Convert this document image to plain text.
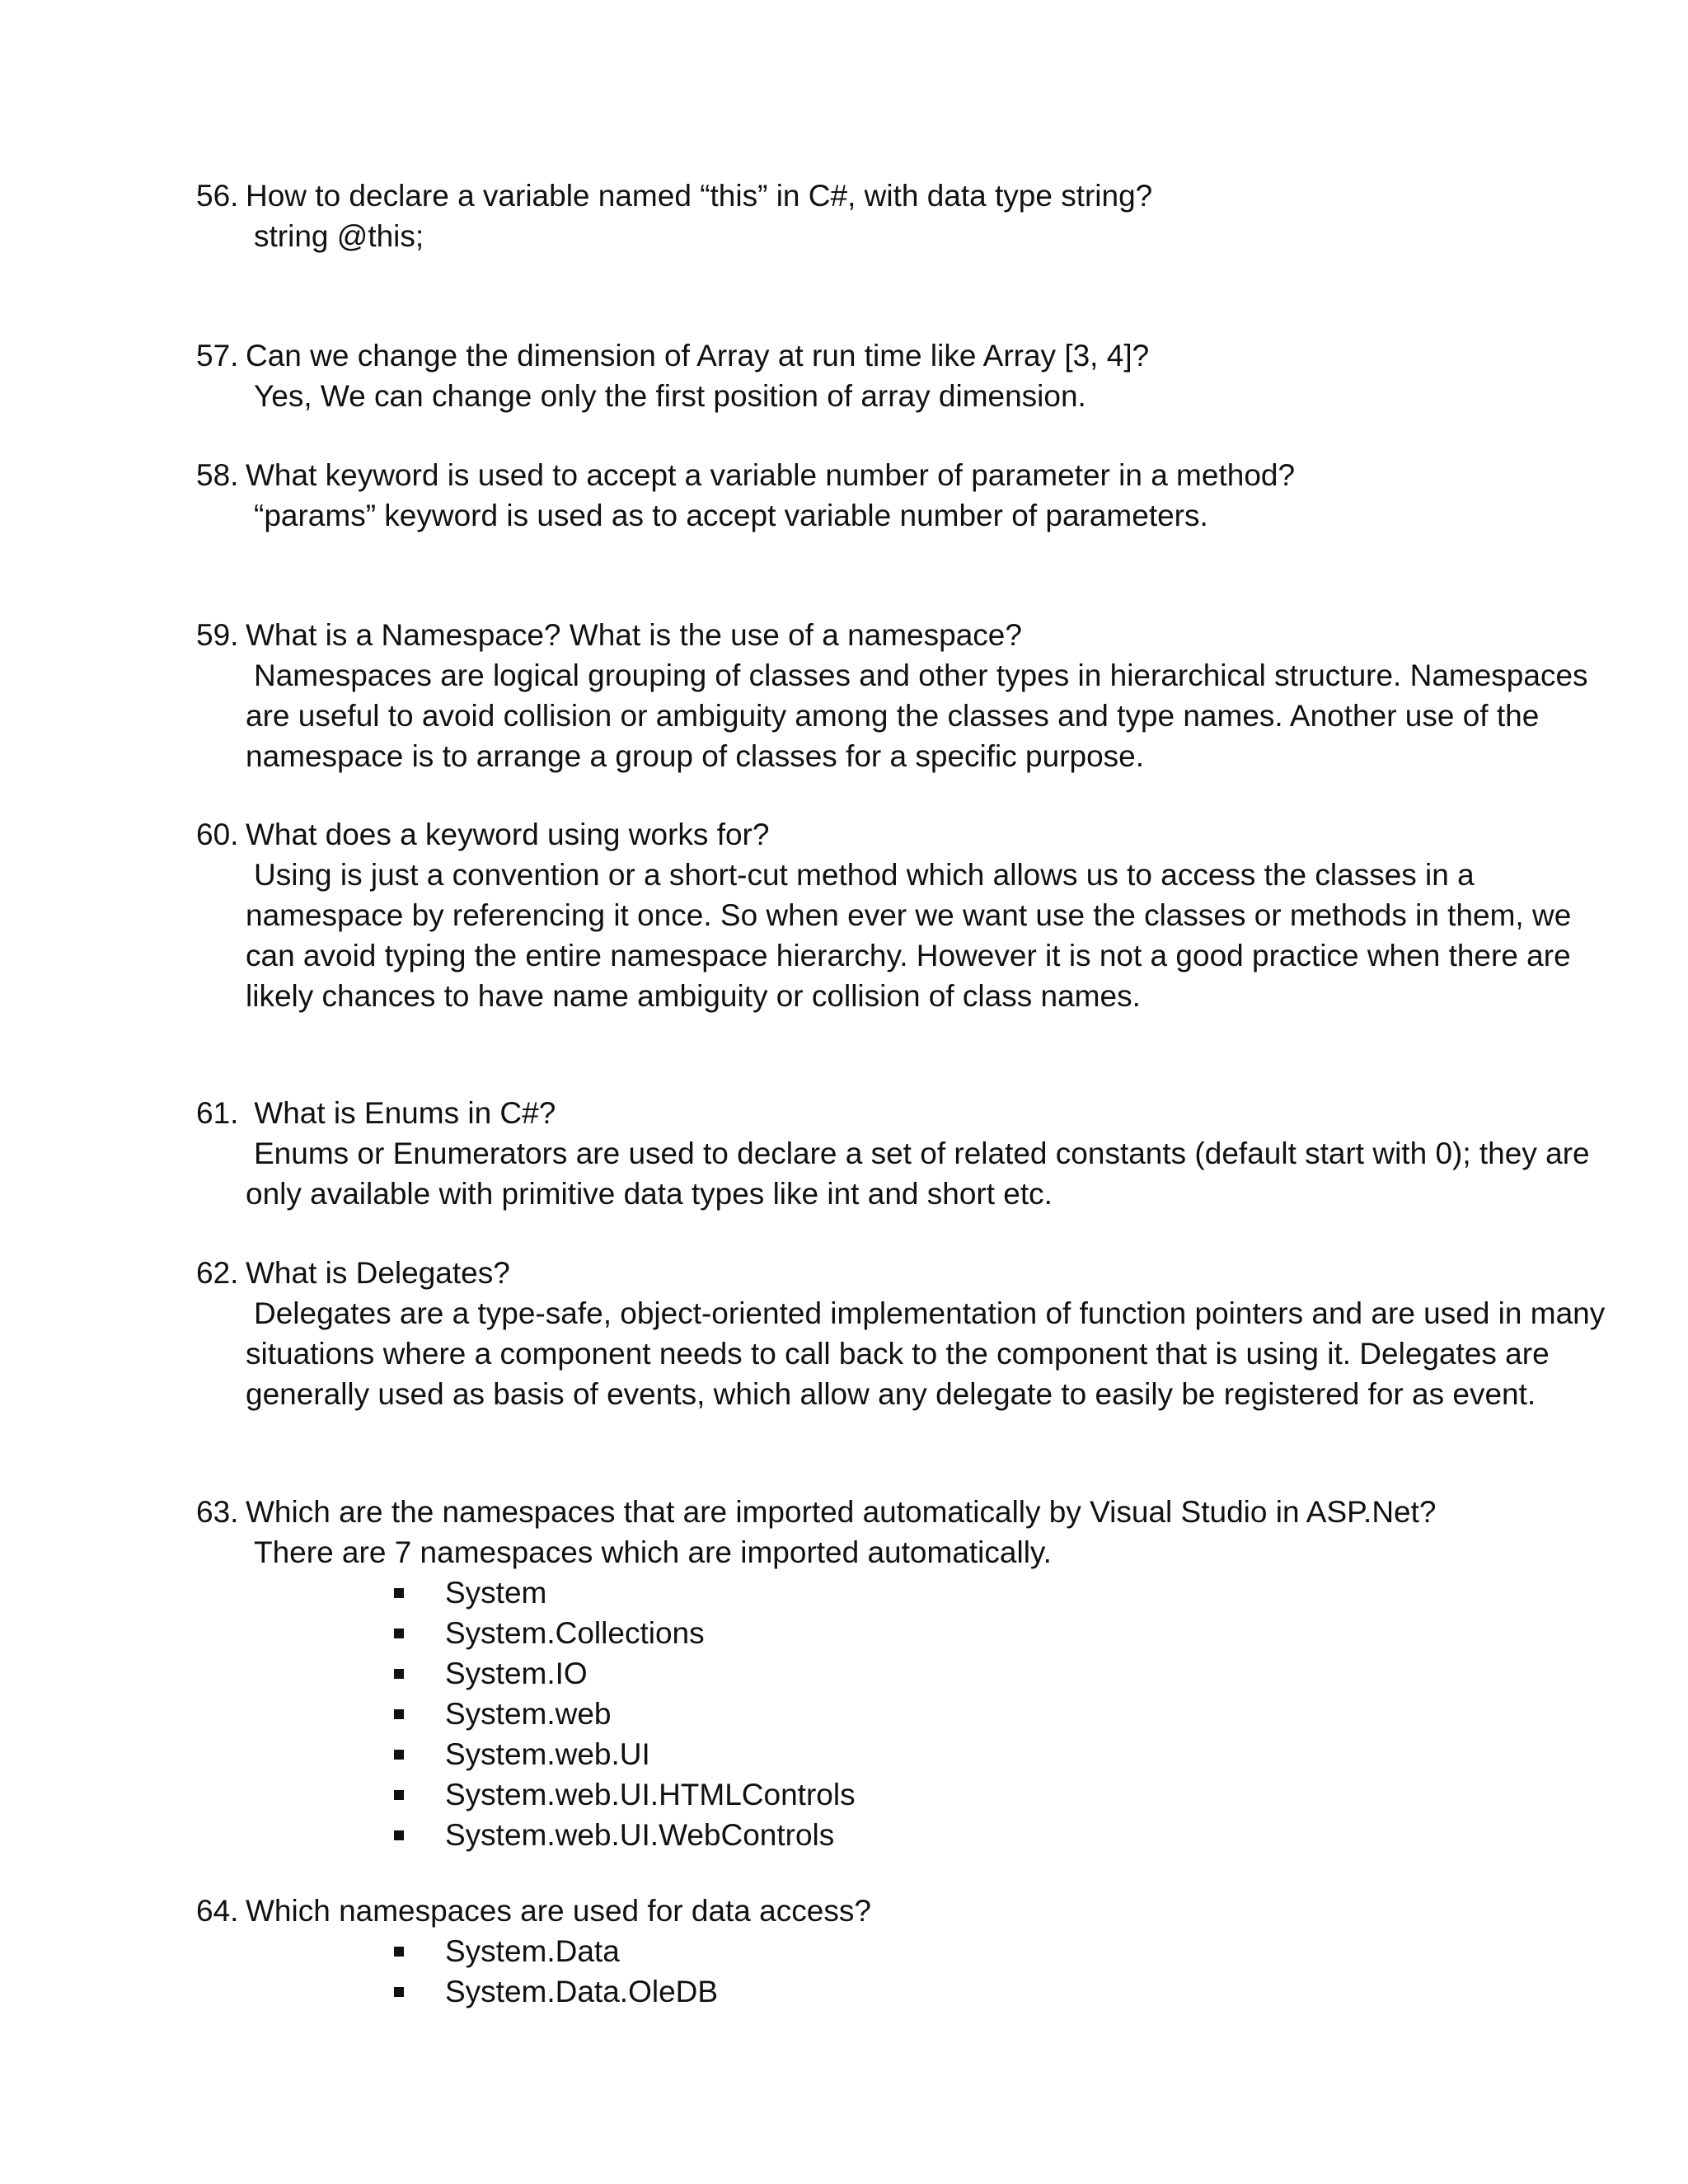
56. How to declare a variable named “this” in C#, with data type string?
string @this;
57. Can we change the dimension of Array at run time like Array [3, 4]?
Yes, We can change only the first position of array dimension.
58. What keyword is used to accept a variable number of parameter in a method?
“params” keyword is used as to accept variable number of parameters.
59. What is a Namespace? What is the use of a namespace?
Namespaces are logical grouping of classes and other types in hierarchical structure. Namespaces are useful to avoid collision or ambiguity among the classes and type names. Another use of the namespace is to arrange a group of classes for a specific purpose.
60. What does a keyword using works for?
Using is just a convention or a short-cut method which allows us to access the classes in a namespace by referencing it once. So when ever we want use the classes or methods in them, we can avoid typing the entire namespace hierarchy. However it is not a good practice when there are likely chances to have name ambiguity or collision of class names.
61. What is Enums in C#?
Enums or Enumerators are used to declare a set of related constants (default start with 0); they are only available with primitive data types like int and short etc.
62. What is Delegates?
Delegates are a type-safe, object-oriented implementation of function pointers and are used in many situations where a component needs to call back to the component that is using it. Delegates are generally used as basis of events, which allow any delegate to easily be registered for as event.
63. Which are the namespaces that are imported automatically by Visual Studio in ASP.Net?
There are 7 namespaces which are imported automatically.
System
System.Collections
System.IO
System.web
System.web.UI
System.web.UI.HTMLControls
System.web.UI.WebControls
64. Which namespaces are used for data access?
System.Data
System.Data.OleDB
